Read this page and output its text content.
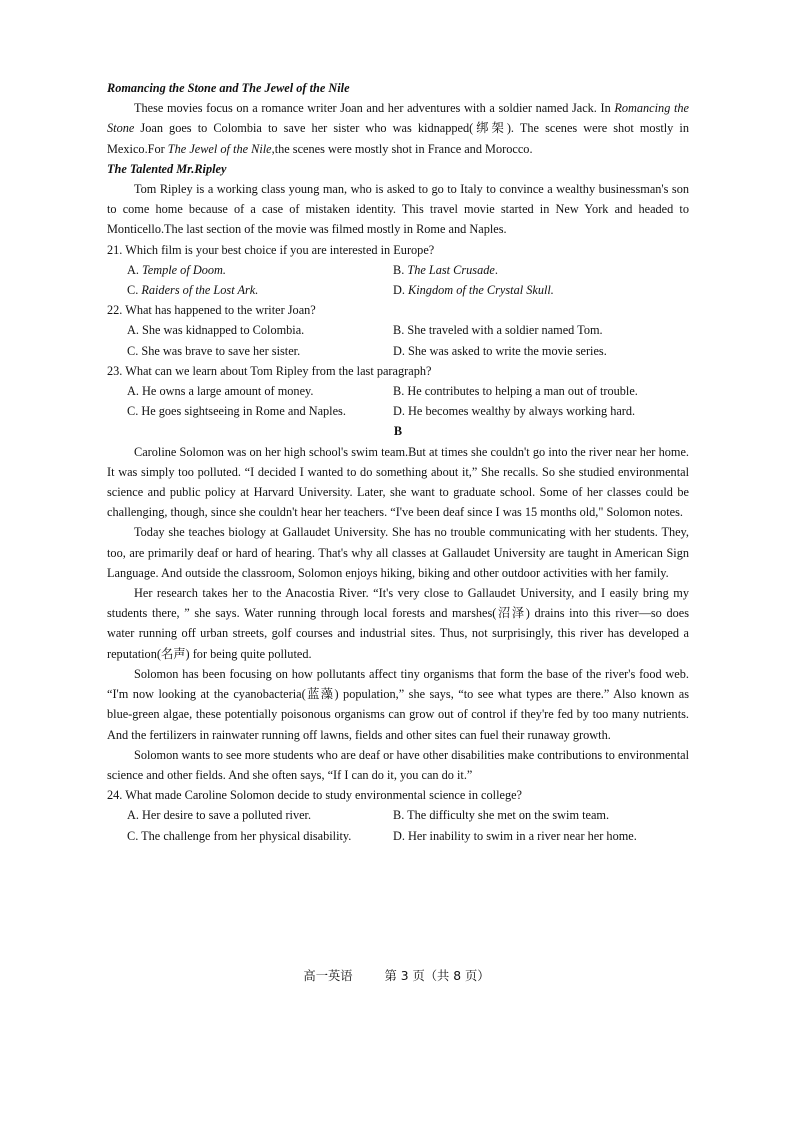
Romancing the Stone and The Jewel of the Nile

These movies focus on a romance writer Joan and her adventures with a soldier named Jack. In Romancing the Stone Joan goes to Colombia to save her sister who was kidnapped(绑架). The scenes were shot mostly in Mexico.For The Jewel of the Nile,the scenes were mostly shot in France and Morocco.

The Talented Mr.Ripley

Tom Ripley is a working class young man, who is asked to go to Italy to convince a wealthy businessman's son to come home because of a case of mistaken identity. This travel movie started in New York and headed to Monticello.The last section of the movie was filmed mostly in Rome and Naples.

21. Which film is your best choice if you are interested in Europe?

A. Temple of Doom.	B. The Last Crusade.
C. Raiders of the Lost Ark.	D. Kingdom of the Crystal Skull.

22. What has happened to the writer Joan?

A. She was kidnapped to Colombia.	B. She traveled with a soldier named Tom.
C. She was brave to save her sister.	D. She was asked to write the movie series.

23. What can we learn about Tom Ripley from the last paragraph?

A. He owns a large amount of money.	B. He contributes to helping a man out of trouble.
C. He goes sightseeing in Rome and Naples.	D. He becomes wealthy by always working hard.

B

Caroline Solomon was on her high school's swim team.But at times she couldn't go into the river near her home. It was simply too polluted. “I decided I wanted to do something about it,” She recalls. So she studied environmental science and public policy at Harvard University. Later, she want to graduate school. Some of her classes could be challenging, though, since she couldn't hear her teachers. “I've been deaf since I was 15 months old," Solomon notes.

Today she teaches biology at Gallaudet University. She has no trouble communicating with her students. They, too, are primarily deaf or hard of hearing. That's why all classes at Gallaudet University are taught in American Sign Language. And outside the classroom, Solomon enjoys hiking, biking and other outdoor activities with her family.

Her research takes her to the Anacostia River. “It's very close to Gallaudet University, and I easily bring my students there, ” she says. Water running through local forests and marshes(沼泽) drains into this river—so does water running off urban streets, golf courses and industrial sites. Thus, not surprisingly, this river has developed a reputation(名声) for being quite polluted.

Solomon has been focusing on how pollutants affect tiny organisms that form the base of the river's food web. “I'm now looking at the cyanobacteria(蓝藻) population,” she says, “to see what types are there.” Also known as blue-green algae, these potentially poisonous organisms can grow out of control if they're fed by too many nutrients. And the fertilizers in rainwater running off lawns, fields and other sites can fuel their runaway growth.

Solomon wants to see more students who are deaf or have other disabilities make contributions to environmental science and other fields. And she often says, “If I can do it, you can do it.”

24. What made Caroline Solomon decide to study environmental science in college?

A. Her desire to save a polluted river.	B. The difficulty she met on the swim team.
C. The challenge from her physical disability.	D. Her inability to swim in a river near her home.
高一英语	第 3 页（共 8 页）
